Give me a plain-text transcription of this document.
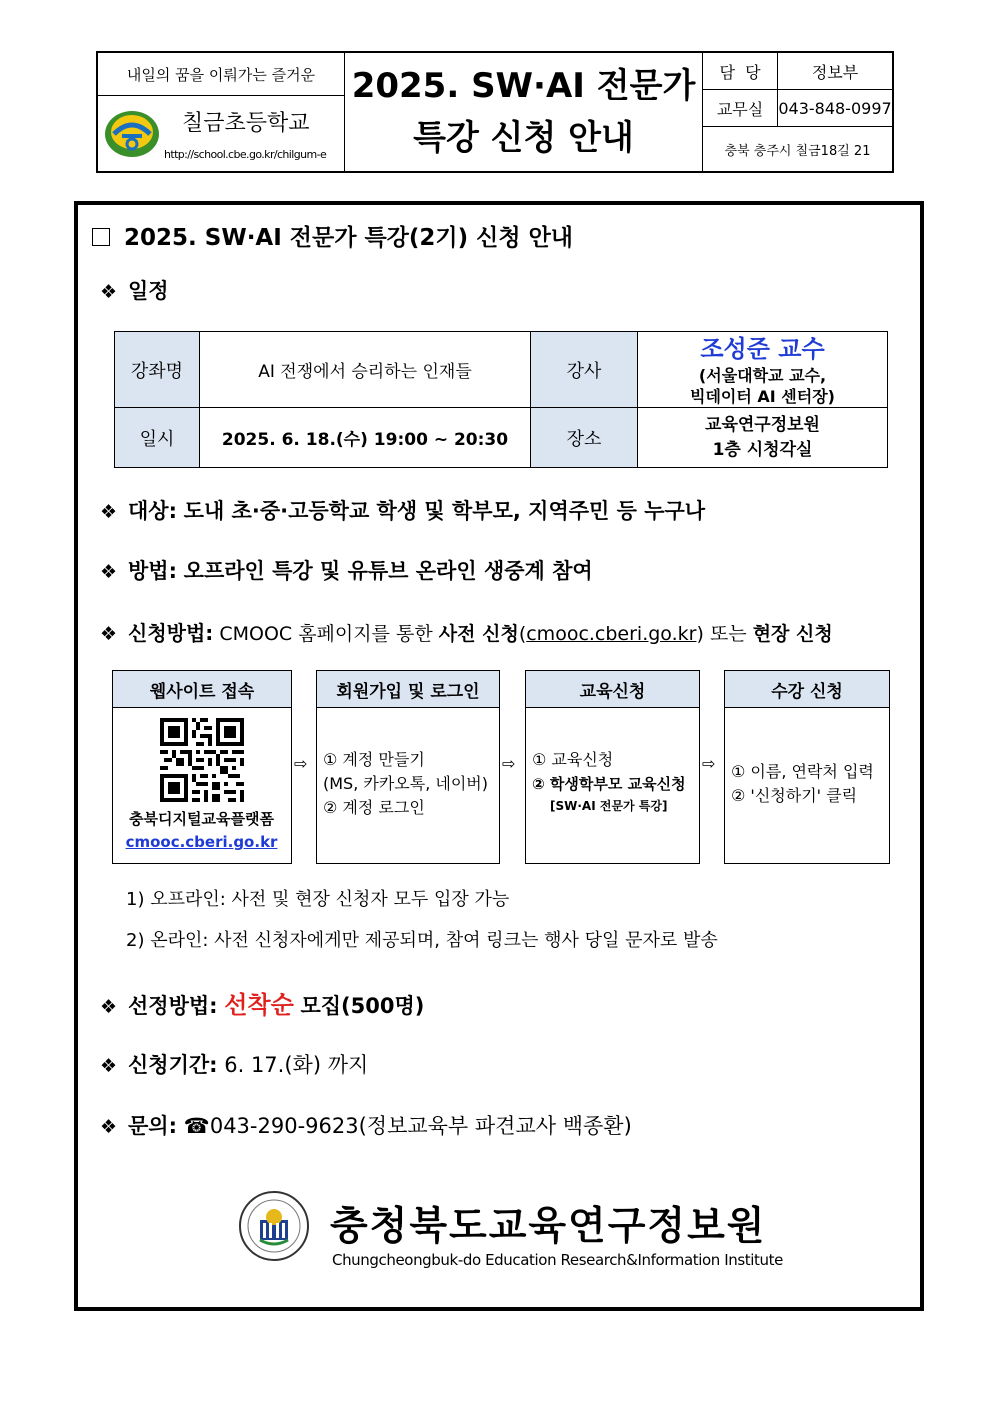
내일의 꿈을 이뤄가는 즐거운
칠금초등학교
http://school.cbe.go.kr/chilgum-e
2025. SW·AI 전문가
특강 신청 안내
담  당	정보부
교무실 043-848-0997
충북 충주시 칠금18길 21
2025. SW·AI 전문가 특강(2기) 신청 안내
❖ 일정
강좌명	AI 전쟁에서 승리하는 인재들	강사	조성준 교수
(서울대학교 교수,
빅데이터 AI 센터장)

일시	2025. 6. 18.(수) 19:00 ~ 20:30	장소	교육연구정보원
1층 시청각실
❖ 대상: 도내 초·중·고등학교 학생 및 학부모, 지역주민 등 누구나
❖ 방법: 오프라인 특강 및 유튜브 온라인 생중계 참여
❖ 신청방법: CMOOC 홈페이지를 통한 사전 신청(cmooc.cberi.go.kr) 또는 현장 신청
웹사이트 접속
충북디지털교육플랫폼
cmooc.cberi.go.kr
⇨
회원가입 및 로그인
① 계정 만들기
(MS, 카카오톡, 네이버)
② 계정 로그인
⇨
교육신청
① 교육신청
② 학생학부모 교육신청
[SW·AI 전문가 특강]
⇨
수강 신청
① 이름, 연락처 입력
② '신청하기' 클릭
1) 오프라인: 사전 및 현장 신청자 모두 입장 가능
2) 온라인: 사전 신청자에게만 제공되며, 참여 링크는 행사 당일 문자로 발송
❖ 선정방법: 선착순 모집(500명)
❖ 신청기간: 6. 17.(화) 까지
❖ 문의: ☎043-290-9623(정보교육부 파견교사 백종환)
충청북도교육연구정보원
Chungcheongbuk-do Education Research&Information Institute
